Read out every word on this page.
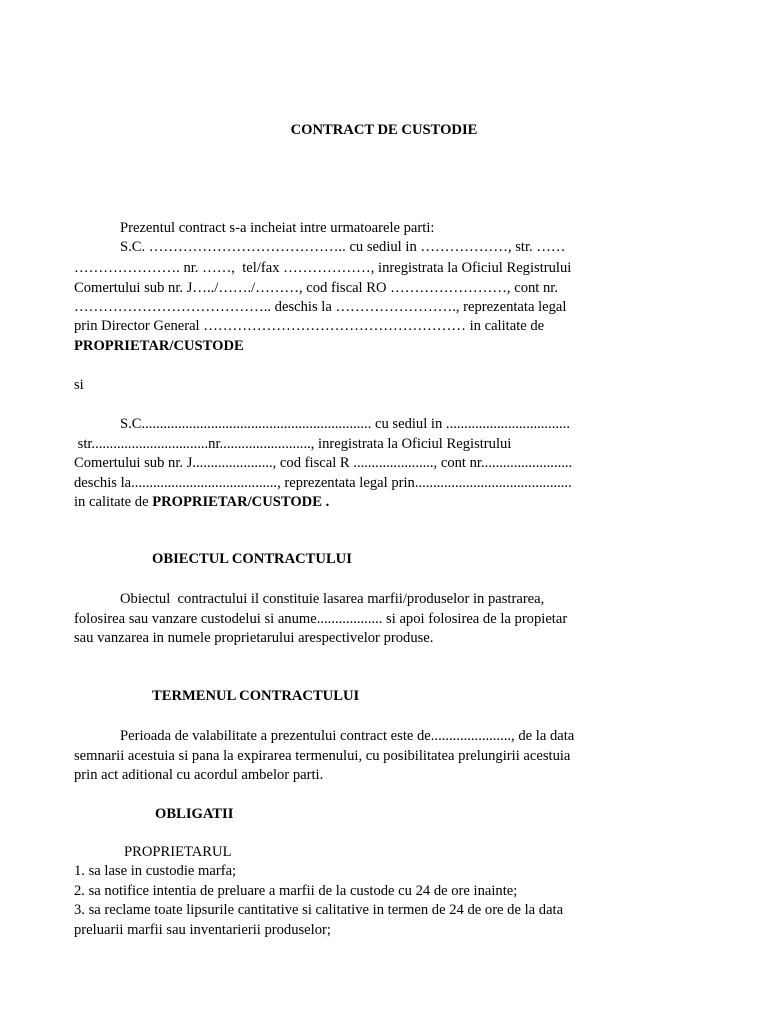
CONTRACT DE CUSTODIE
Prezentul contract s-a incheiat intre urmatoarele parti:
S.C. ………………………………….. cu sediul in ………………, str. ……
…………………. nr. ……,  tel/fax ………………, inregistrata la Oficiul Registrului
Comertului sub nr. J…../……./………, cod fiscal RO ……………………, cont nr.
………………………………….. deschis la ……………………., reprezentata legal
prin Director General ……………………………………………… in calitate de
PROPRIETAR/CUSTODE
si
S.C............................................................... cu sediul in ..................................
str................................nr........................., inregistrata la Oficiul Registrului
Comertului sub nr. J......................, cod fiscal R ......................, cont nr.........................
deschis la........................................, reprezentata legal prin...........................................
in calitate de PROPRIETAR/CUSTODE .
OBIECTUL CONTRACTULUI
Obiectul  contractului il constituie lasarea marfii/produselor in pastrarea,
folosirea sau vanzare custodelui si anume.................. si apoi folosirea de la propietar
sau vanzarea in numele proprietarului arespectivelor produse.
TERMENUL CONTRACTULUI
Perioada de valabilitate a prezentului contract este de......................, de la data
semnarii acestuia si pana la expirarea termenului, cu posibilitatea prelungirii acestuia
prin act aditional cu acordul ambelor parti.
OBLIGATII
PROPRIETARUL
1. sa lase in custodie marfa;
2. sa notifice intentia de preluare a marfii de la custode cu 24 de ore inainte;
3. sa reclame toate lipsurile cantitative si calitative in termen de 24 de ore de la data
preluarii marfii sau inventarierii produselor;
